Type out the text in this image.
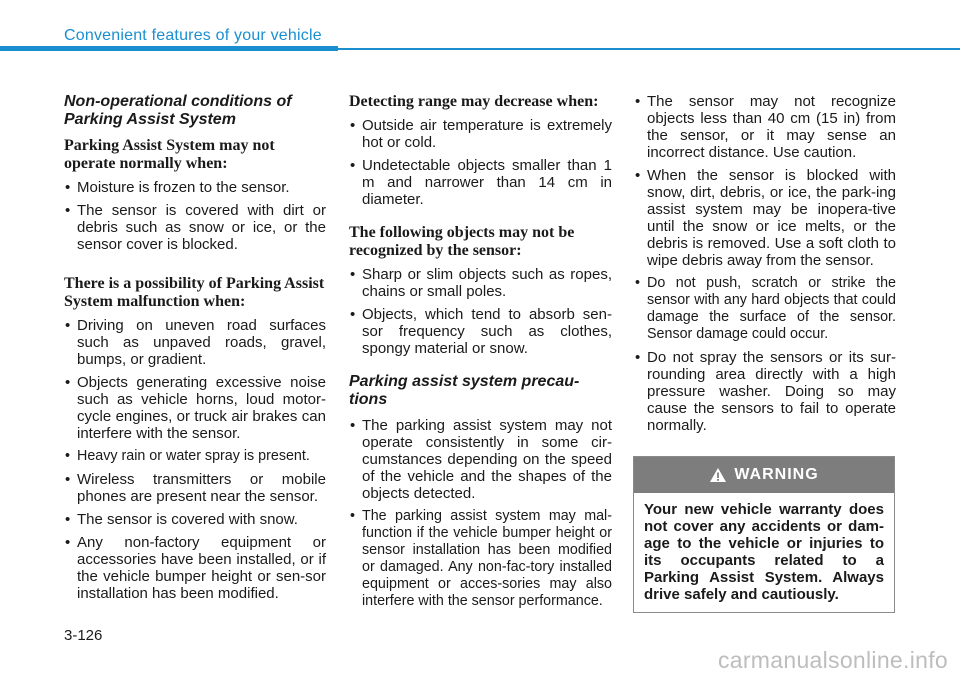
Convenient features of your vehicle
Non-operational conditions of Parking Assist System
Parking Assist System may not operate normally when:
• Moisture is frozen to the sensor.
• The sensor is covered with dirt or debris such as snow or ice, or the sensor cover is blocked.
There is a possibility of Parking Assist System malfunction when:
• Driving on uneven road surfaces such as unpaved roads, gravel, bumps, or gradient.
• Objects generating excessive noise such as vehicle horns, loud motor-cycle engines, or truck air brakes can interfere with the sensor.
• Heavy rain or water spray is present.
• Wireless transmitters or mobile phones are present near the sensor.
• The sensor is covered with snow.
• Any non-factory equipment or accessories have been installed, or if the vehicle bumper height or sen-sor installation has been modified.
Detecting range may decrease when:
• Outside air temperature is extremely hot or cold.
• Undetectable objects smaller than 1 m and narrower than 14 cm in diameter.
The following objects may not be recognized by the sensor:
• Sharp or slim objects such as ropes, chains or small poles.
• Objects, which tend to absorb sen-sor frequency such as clothes, spongy material or snow.
Parking assist system precau-tions
• The parking assist system may not operate consistently in some cir-cumstances depending on the speed of the vehicle and the shapes of the objects detected.
• The parking assist system may mal-function if the vehicle bumper height or sensor installation has been modified or damaged. Any non-fac-tory installed equipment or acces-sories may also interfere with the sensor performance.
• The sensor may not recognize objects less than 40 cm (15 in) from the sensor, or it may sense an incorrect distance. Use caution.
• When the sensor is blocked with snow, dirt, debris, or ice, the park-ing assist system may be inopera-tive until the snow or ice melts, or the debris is removed. Use a soft cloth to wipe debris away from the sensor.
• Do not push, scratch or strike the sensor with any hard objects that could damage the surface of the sensor. Sensor damage could occur.
• Do not spray the sensors or its sur-rounding area directly with a high pressure washer. Doing so may cause the sensors to fail to operate normally.
WARNING
Your new vehicle warranty does not cover any accidents or dam-age to the vehicle or injuries to its occupants related to a Parking Assist System. Always drive safely and cautiously.
3-126
carmanualsonline.info
